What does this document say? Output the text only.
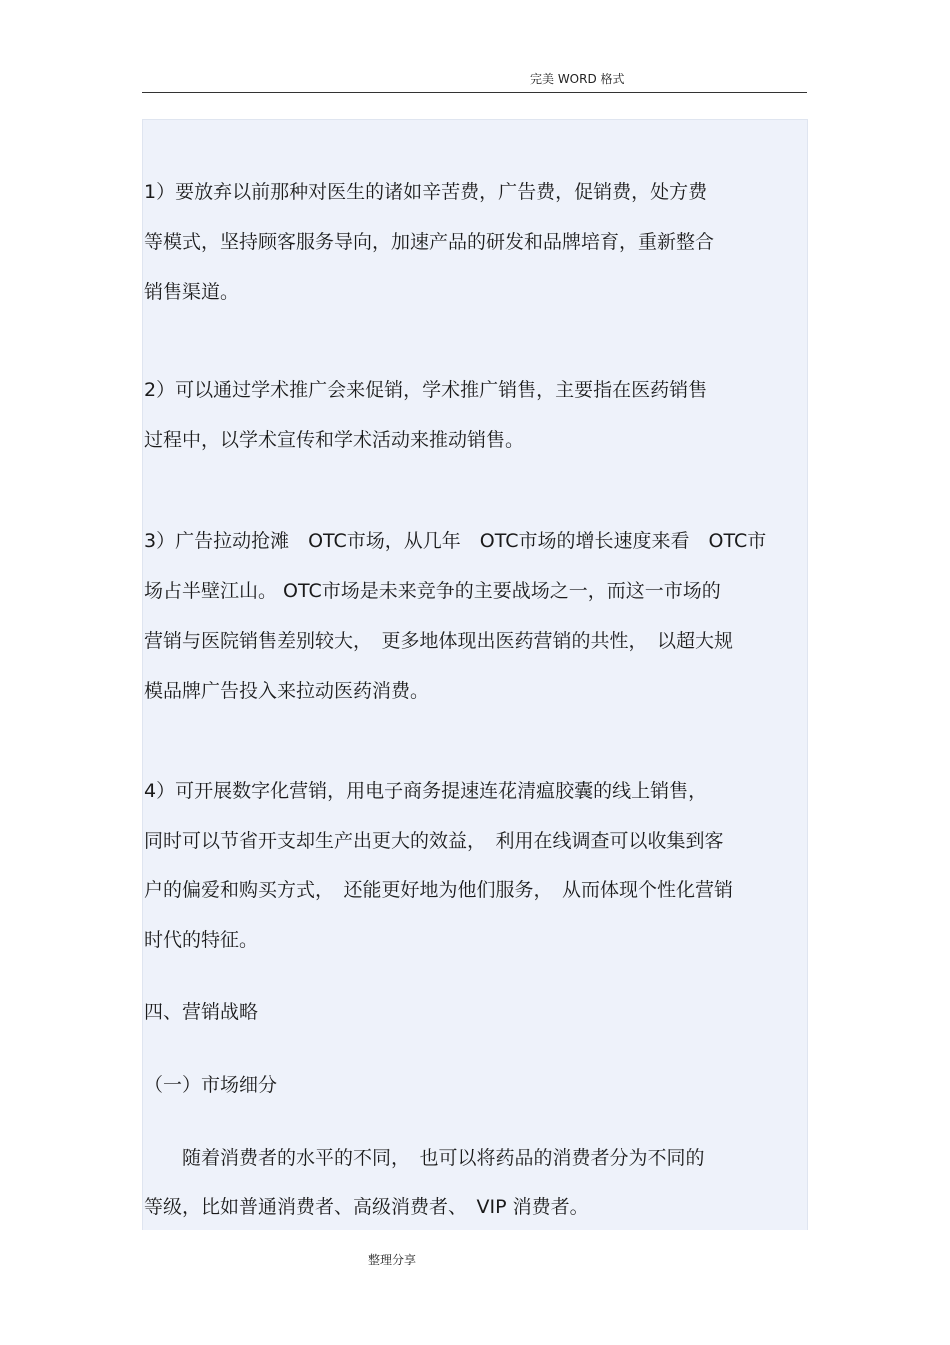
完美 WORD 格式
1）要放弃以前那种对医生的诸如辛苦费，广告费，促销费，处方费
等模式，坚持顾客服务导向，加速产品的研发和品牌培育，重新整合
销售渠道。
2）可以通过学术推广会来促销，学术推广销售，主要指在医药销售
过程中，以学术宣传和学术活动来推动销售。
3）广告拉动抢滩　OTC市场，从几年　OTC市场的增长速度来看　OTC市
场占半壁江山。 OTC市场是未来竞争的主要战场之一，而这一市场的
营销与医院销售差别较大，　更多地体现出医药营销的共性，　以超大规
模品牌广告投入来拉动医药消费。
4）可开展数字化营销，用电子商务提速连花清瘟胶囊的线上销售，
同时可以节省开支却生产出更大的效益，　利用在线调查可以收集到客
户的偏爱和购买方式，　还能更好地为他们服务，　从而体现个性化营销
时代的特征。
四、营销战略
（一）市场细分
　　随着消费者的水平的不同，　也可以将药品的消费者分为不同的
等级，比如普通消费者、高级消费者、　VIP 消费者。
整理分享
